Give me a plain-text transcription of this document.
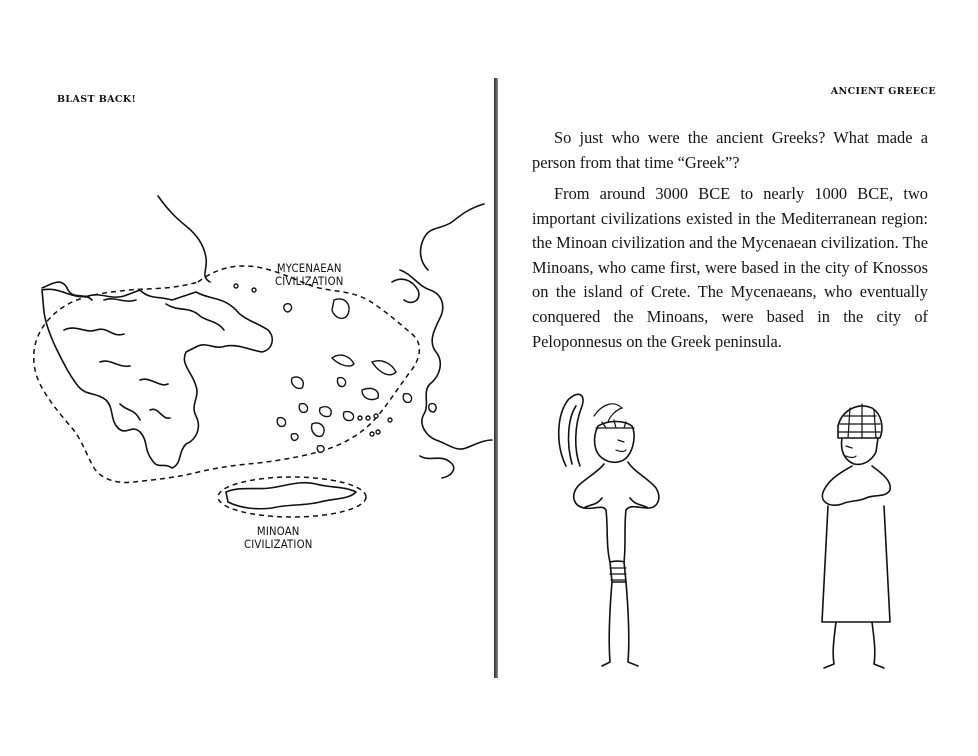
BLAST BACK!
MYCENAEAN
CIVILIZATION
MINOAN
CIVILIZATION
ANCIENT GREECE

So just who were the ancient Greeks? What made a person from that time “Greek”?

From around 3000 BCE to nearly 1000 BCE, two important civilizations existed in the Mediterranean region: the Minoan civilization and the Mycenaean civilization. The Minoans, who came first, were based in the city of Knossos on the island of Crete. The Mycenaeans, who eventually conquered the Minoans, were based in the city of Peloponnesus on the Greek peninsula.
